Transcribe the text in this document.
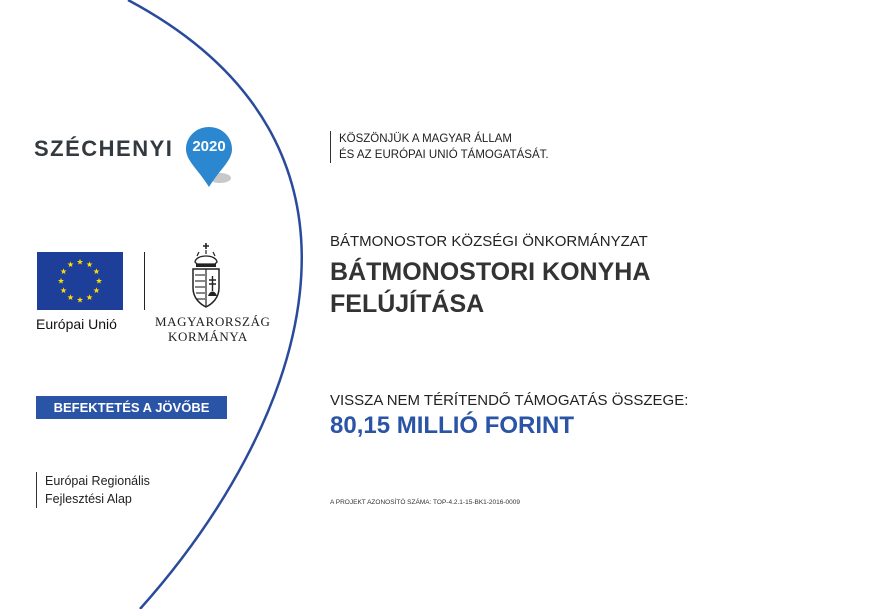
SZÉCHENYI	2020	KÖSZÖNJÜK A MAGYAR ÁLLAM
ÉS AZ EURÓPAI UNIÓ TÁMOGATÁSÁT.
Európai Unió	MAGYARORSZÁG
KORMÁNYA
BÁTMONOSTOR KÖZSÉGI ÖNKORMÁNYZAT
BÁTMONOSTORI KONYHA
FELÚJÍTÁSA
BEFEKTETÉS A JÖVŐBE	VISSZA NEM TÉRÍTENDŐ TÁMOGATÁS ÖSSZEGE:
80,15 MILLIÓ FORINT
Európai Regionális
Fejlesztési Alap	A PROJEKT AZONOSÍTÓ SZÁMA: TOP-4.2.1-15-BK1-2016-0009
